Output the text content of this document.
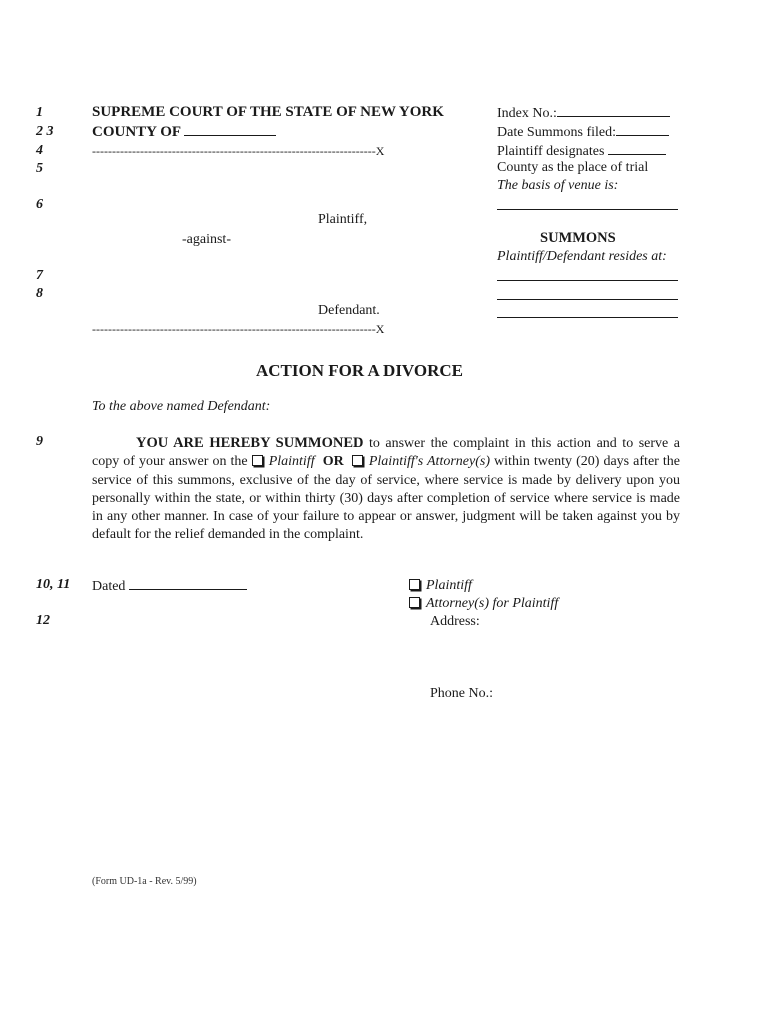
1
2 3
4
5
6
7
8
9
10, 11
12
SUPREME COURT OF THE STATE OF NEW YORK
COUNTY OF
-----------------------------------------------------------------------X
Plaintiff,
-against-
Defendant.
-----------------------------------------------------------------------X
Index No.:
Date Summons filed:
Plaintiff designates
County as the place of trial
The basis of venue is:
SUMMONS
Plaintiff/Defendant resides at:
ACTION FOR A DIVORCE
To the above named Defendant:
YOU ARE HEREBY SUMMONED to answer the complaint in this action and to serve a copy of your answer on the Plaintiff OR Plaintiff's Attorney(s) within twenty (20) days after the service of this summons, exclusive of the day of service, where service is made by delivery upon you personally within the state, or within thirty (30) days after completion of service where service is made in any other manner. In case of your failure to appear or answer, judgment will be taken against you by default for the relief demanded in the complaint.
Dated	Plaintiff
Attorney(s) for Plaintiff
Address:
Phone No.:
(Form UD-1a - Rev. 5/99)
